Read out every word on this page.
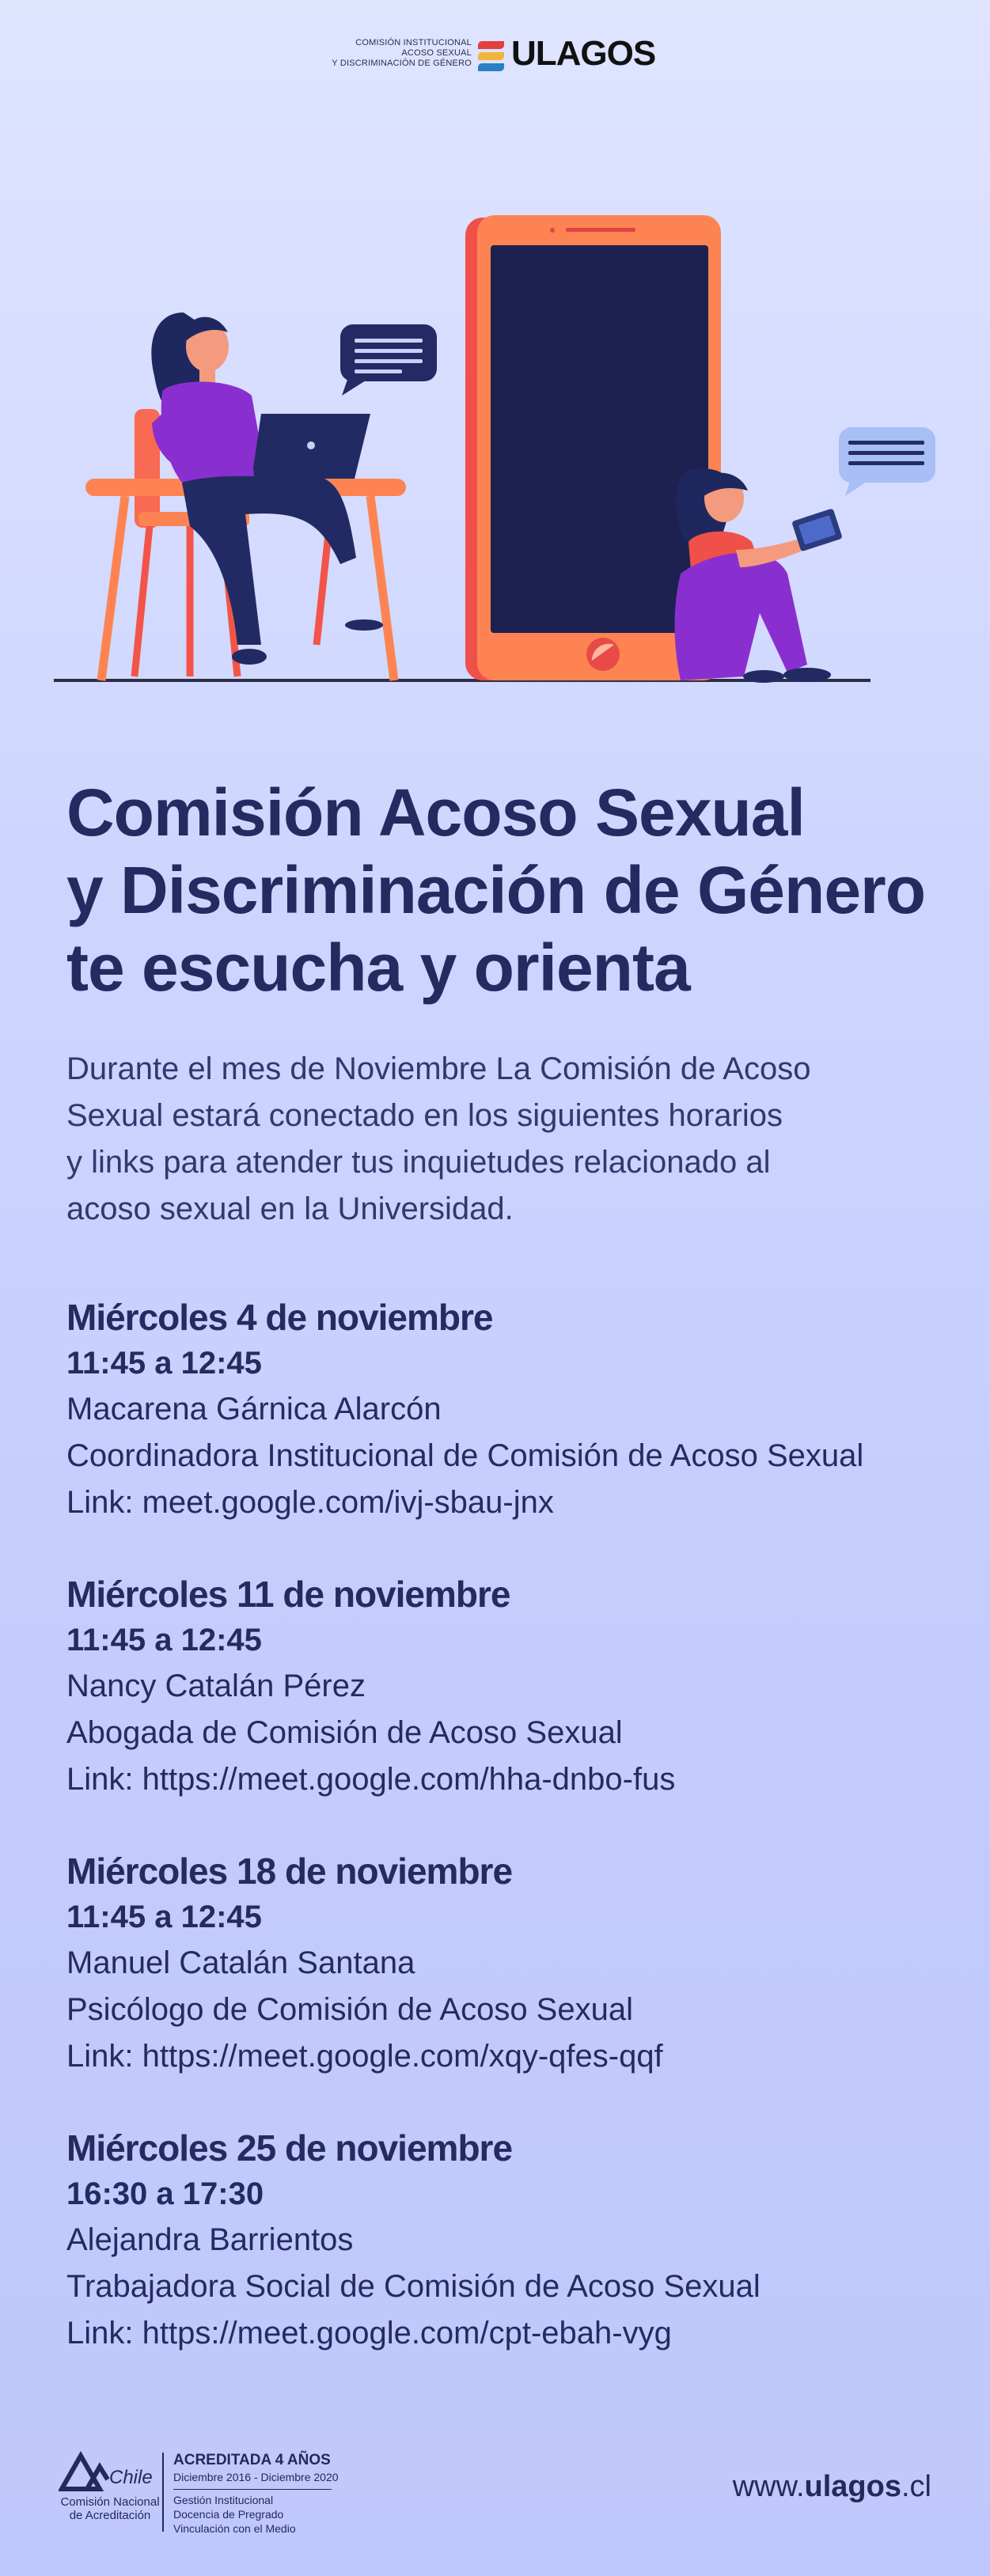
COMISIÓN INSTITUCIONAL
ACOSO SEXUAL
Y DISCRIMINACIÓN DE GÉNERO ULAGOS
Comisión Acoso Sexual
y Discriminación de Género
te escucha y orienta

Durante el mes de Noviembre La Comisión de Acoso
Sexual estará conectado en los siguientes horarios
y links para atender tus inquietudes relacionado al
acoso sexual en la Universidad.

Miércoles 4 de noviembre
11:45 a 12:45
Macarena Gárnica Alarcón
Coordinadora Institucional de Comisión de Acoso Sexual
Link: meet.google.com/ivj-sbau-jnx
Miércoles 11 de noviembre
11:45 a 12:45
Nancy Catalán Pérez
Abogada de Comisión de Acoso Sexual
Link: https://meet.google.com/hha-dnbo-fus
Miércoles 18 de noviembre
11:45 a 12:45
Manuel Catalán Santana
Psicólogo de Comisión de Acoso Sexual
Link: https://meet.google.com/xqy-qfes-qqf
Miércoles 25 de noviembre
16:30 a 17:30
Alejandra Barrientos
Trabajadora Social de Comisión de Acoso Sexual
Link: https://meet.google.com/cpt-ebah-vyg
Chile
Comisión Nacional
de Acreditación
ACREDITADA 4 AÑOS
Diciembre 2016 - Diciembre 2020
Gestión Institucional
Docencia de Pregrado
Vinculación con el Medio
www.ulagos.cl
